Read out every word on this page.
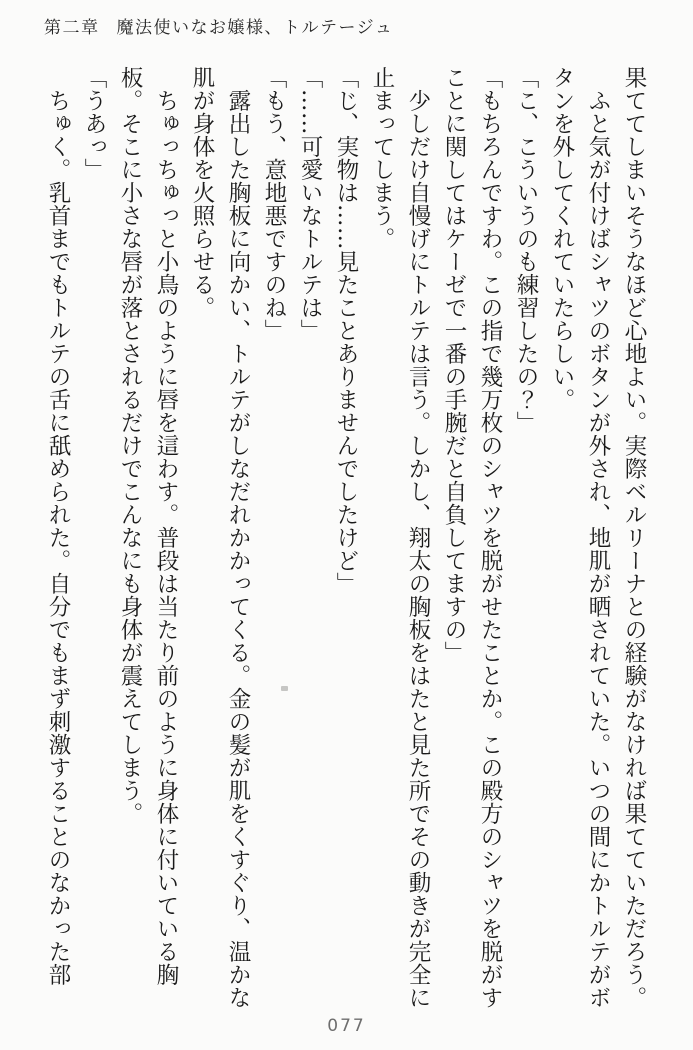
第二章 魔法使いなお嬢様、トルテージュ

果ててしまいそうなほど心地よい。実際ベルリーナとの経験がなければ果てていただろう。

ふと気が付けばシャツのボタンが外され、地肌が晒されていた。いつの間にかトルテがボタンを外してくれていたらしい。

「こ、こういうのも練習したの？」

「もちろんですわ。この指で幾万枚のシャツを脱がせたことか。この殿方のシャツを脱がすことに関してはケーゼで一番の手腕だと自負してますの」

少しだけ自慢げにトルテは言う。しかし、翔太の胸板をはたと見た所でその動きが完全に止まってしまう。

「じ、実物は……見たことありませんでしたけど」

「……可愛いなトルテは」

「もう、意地悪ですのね」

露出した胸板に向かい、トルテがしなだれかかってくる。金の髪が肌をくすぐり、温かな肌が身体を火照らせる。

ちゅっちゅっと小鳥のように唇を這わす。普段は当たり前のように身体に付いている胸板。そこに小さな唇が落とされるだけでこんなにも身体が震えてしまう。

「うあっ」

ちゅく。乳首までもトルテの舌に舐められた。自分でもまず刺激することのなかった部

077
